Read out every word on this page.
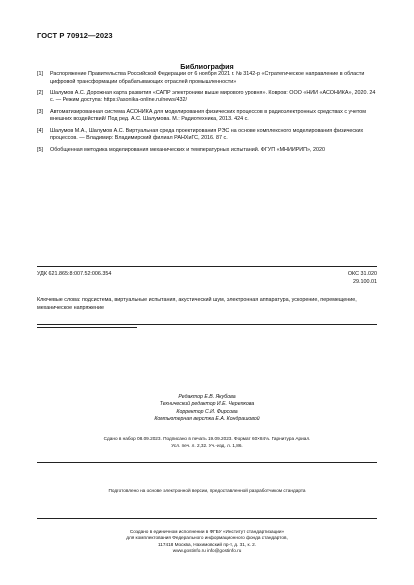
ГОСТ Р 70912—2023
Библиография
[1]	Распоряжение Правительства Российской Федерации от 6 ноября 2021 г. № 3142-р «Стратегическое направление в области цифровой трансформации обрабатывающих отраслей промышленности»
[2]	Шалумов А.С. Дорожная карта развития «САПР электроники выше мирового уровня». Ковров: ООО «НИИ «АСОНИКА», 2020. 24 с. — Режим доступа: https://asonika-online.ru/news/432/
[3]	Автоматизированная система АСОНИКА для моделирования физических процессов в радиоэлектронных средствах с учетом внешних воздействий/ Под ред. А.С. Шалумова. М.: Радиотехника, 2013. 424 с.
[4]	Шалумов М.А., Шалумов А.С. Виртуальная среда проектирования РЭС на основе комплексного моделирования физических процессов. — Владимир: Владимирский филиал РАНХиГС, 2016. 87 с.
[5]	Обобщенная методика моделирования механических и температурных испытаний. ФГУП «МНИИРИП», 2020
УДК 621.865:8:007.52:006.354	ОКС 31.020
29.100.01
Ключевые слова: подсистема, виртуальные испытания, акустический шум, электронная аппаратура, ускорение, перемещение, механическое напряжение
Редактор Е.В. Якубова
Технический редактор И.Е. Черепкова
Корректор С.И. Фирсова
Компьютерная верстка Е.А. Кондрашовой
Сдано в набор 08.09.2023. Подписано в печать 19.09.2023. Формат 60×84⅛. Гарнитура Ариал.
Усл. печ. л. 2,32. Уч.-изд. л. 1,86.
Подготовлено на основе электронной версии, предоставленной разработчиком стандарта
Создано в единичном исполнении в ФГБУ «Институт стандартизации»
для комплектования Федерального информационного фонда стандартов,
117418 Москва, Нахимовский пр-т, д. 31, к. 2.
www.gostinfo.ru info@gostinfo.ru
